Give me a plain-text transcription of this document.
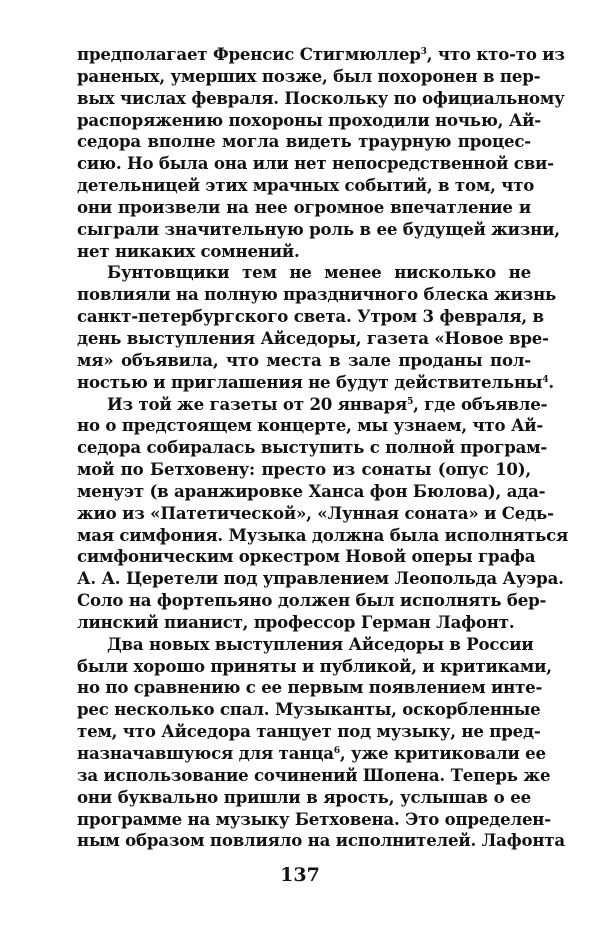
предполагает Френсис Стигмюллер$^3$, что кто-то из
раненых, умерших позже, был похоронен в пер-
вых числах февраля. Поскольку по официальному
распоряжению похороны проходили ночью, Ай-
седора вполне могла видеть траурную процес-
сию. Но была она или нет непосредственной сви-
детельницей этих мрачных событий, в том, что
они произвели на нее огромное впечатление и
сыграли значительную роль в ее будущей жизни,
нет никаких сомнений.
Бунтовщики тем не менее нисколько не
повлияли на полную праздничного блеска жизнь
санкт-петербургского света. Утром 3 февраля, в
день выступления Айседоры, газета «Новое вре-
мя» объявила, что места в зале проданы пол-
ностью и приглашения не будут действительны$^4$.
Из той же газеты от 20 января$^5$, где объявле-
но о предстоящем концерте, мы узнаем, что Ай-
седора собиралась выступить с полной програм-
мой по Бетховену: престо из сонаты (опус 10),
менуэт (в аранжировке Ханса фон Бюлова), ада-
жио из «Патетической», «Лунная соната» и Седь-
мая симфония. Музыка должна была исполняться
симфоническим оркестром Новой оперы графа
А. А. Церетели под управлением Леопольда Ауэра.
Соло на фортепьяно должен был исполнять бер-
линский пианист, профессор Герман Лафонт.
Два новых выступления Айседоры в России
были хорошо приняты и публикой, и критиками,
но по сравнению с ее первым появлением инте-
рес несколько спал. Музыканты, оскорбленные
тем, что Айседора танцует под музыку, не пред-
назначавшуюся для танца$^6$, уже критиковали ее
за использование сочинений Шопена. Теперь же
они буквально пришли в ярость, услышав о ее
программе на музыку Бетховена. Это определен-
ным образом повлияло на исполнителей. Лафонта
137
